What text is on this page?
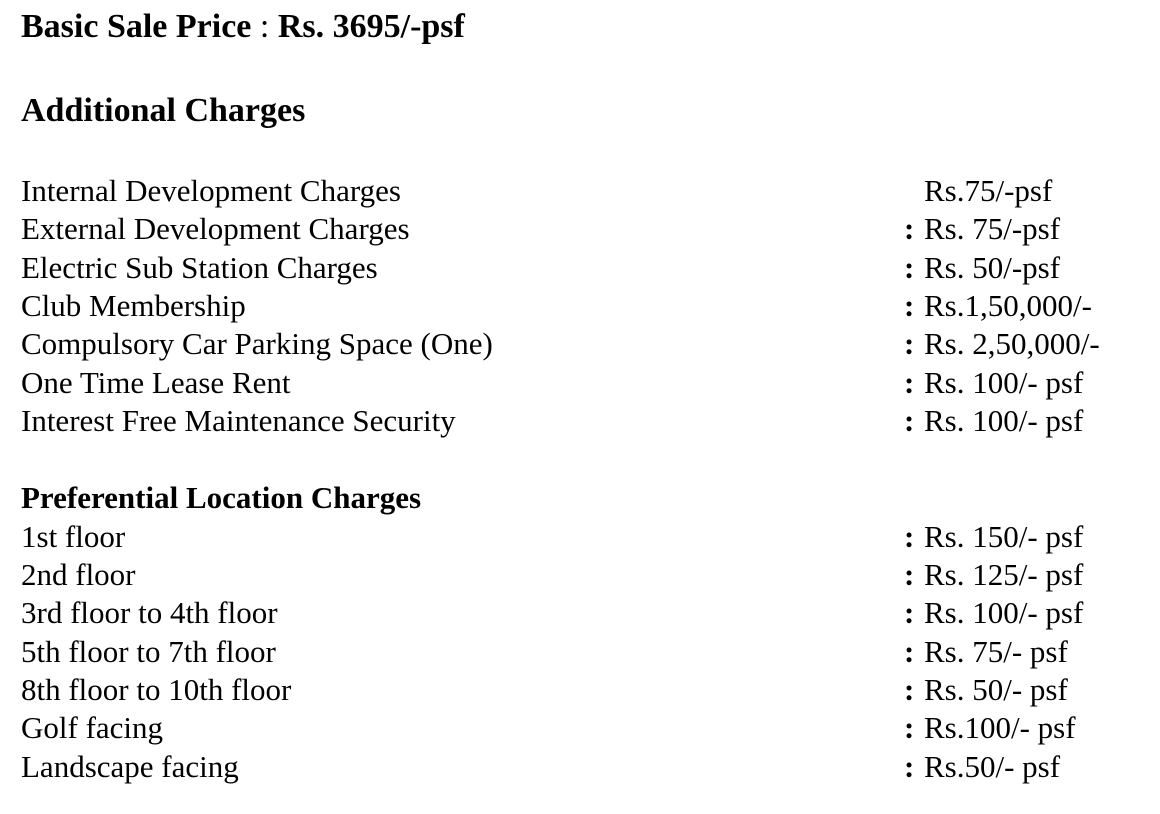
Basic Sale Price : Rs. 3695/-psf
Additional Charges
Internal Development Charges	Rs.75/-psf
External Development Charges	: Rs. 75/-psf
Electric Sub Station Charges	: Rs. 50/-psf
Club Membership	: Rs.1,50,000/-
Compulsory Car Parking Space (One)	: Rs. 2,50,000/-
One Time Lease Rent	: Rs. 100/- psf
Interest Free Maintenance Security	: Rs. 100/- psf
Preferential Location Charges
1st floor	: Rs. 150/- psf
2nd floor	: Rs. 125/- psf
3rd floor to 4th floor	: Rs. 100/- psf
5th floor to 7th floor	: Rs. 75/- psf
8th floor to 10th floor	: Rs. 50/- psf
Golf facing	: Rs.100/- psf
Landscape facing	: Rs.50/- psf
